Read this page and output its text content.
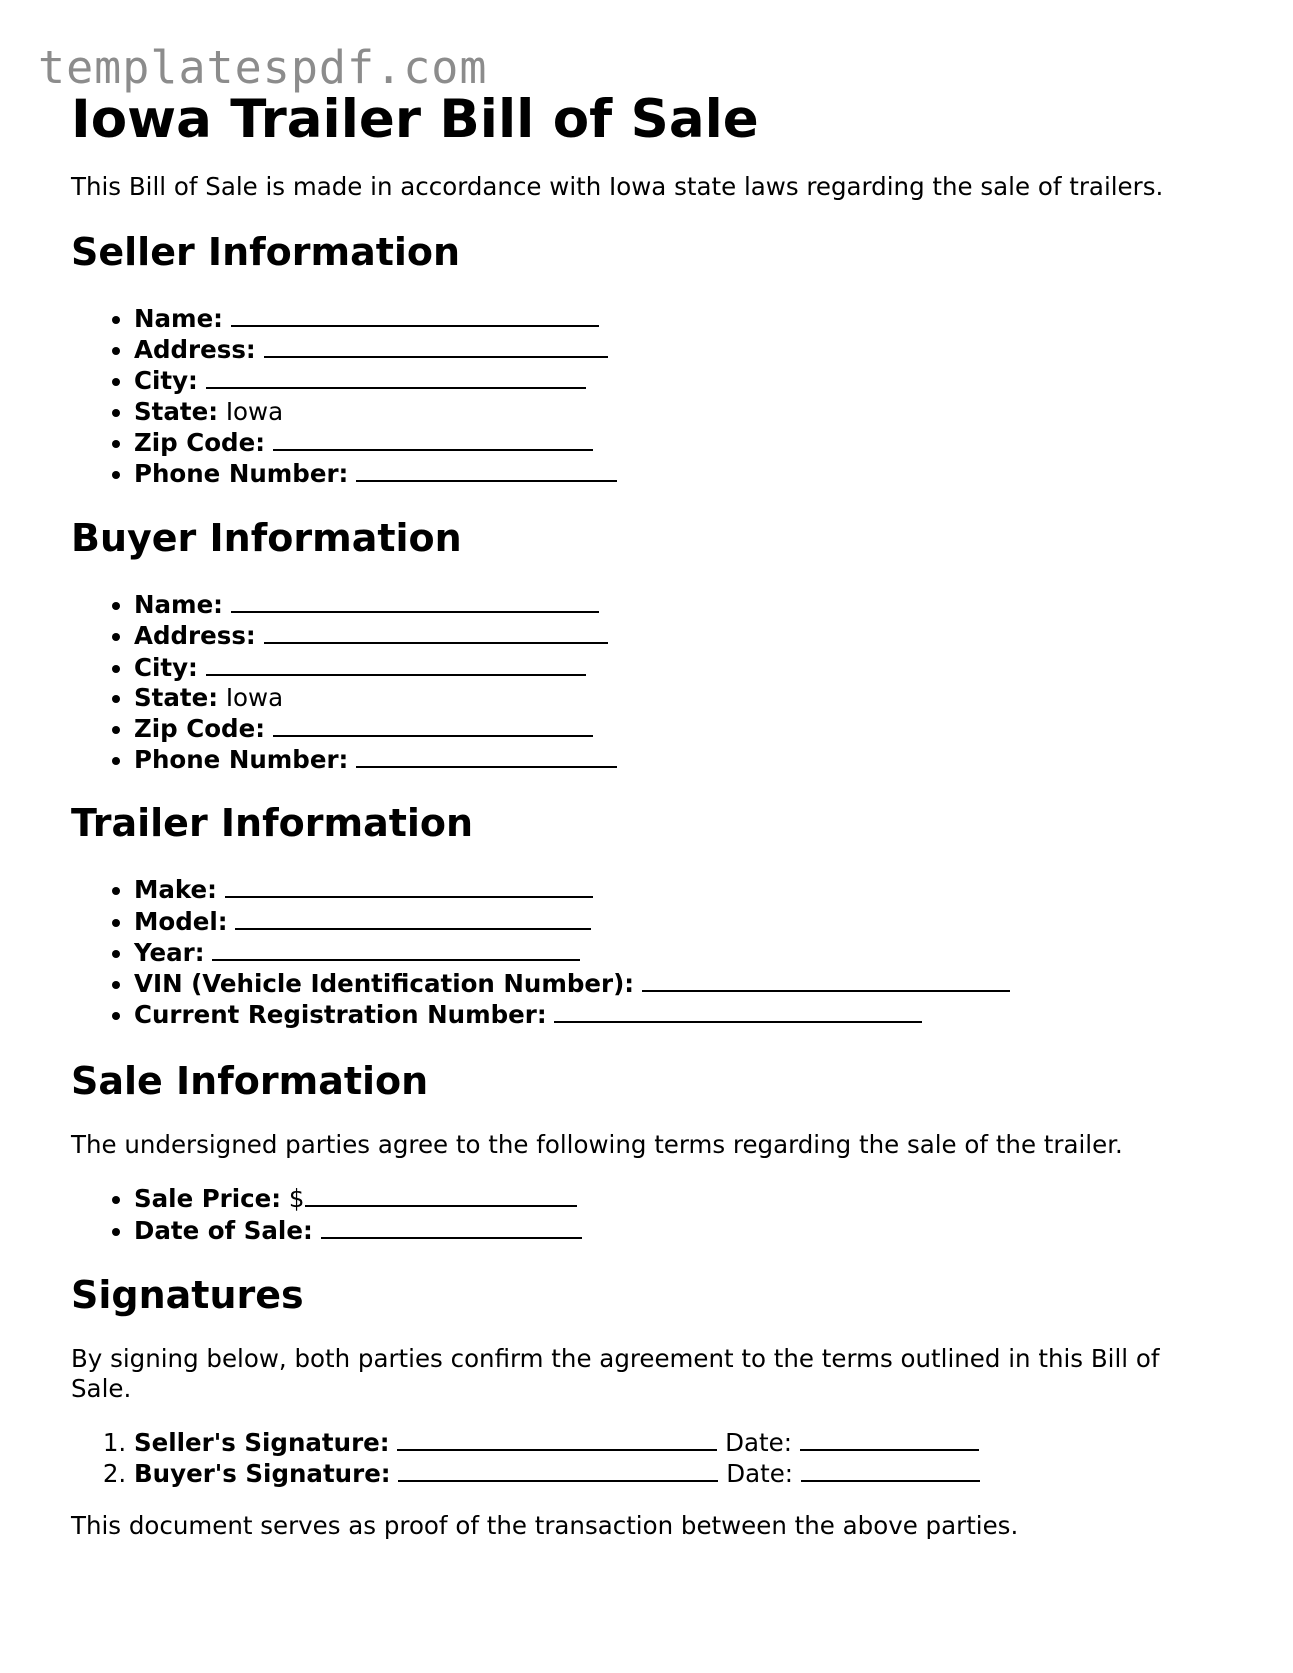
templatespdf.com
Iowa Trailer Bill of Sale

This Bill of Sale is made in accordance with Iowa state laws regarding the sale of trailers.

Seller Information
• Name:
• Address:
• City:
• State: Iowa
• Zip Code:
• Phone Number:
Buyer Information
• Name:
• Address:
• City:
• State: Iowa
• Zip Code:
• Phone Number:
Trailer Information
• Make:
• Model:
• Year:
• VIN (Vehicle Identification Number):
• Current Registration Number:
Sale Information

The undersigned parties agree to the following terms regarding the sale of the trailer.

• Sale Price: $
• Date of Sale:
Signatures

By signing below, both parties confirm the agreement to the terms outlined in this Bill of Sale.

1. Seller's Signature:	Date:
2. Buyer's Signature:	Date:

This document serves as proof of the transaction between the above parties.
